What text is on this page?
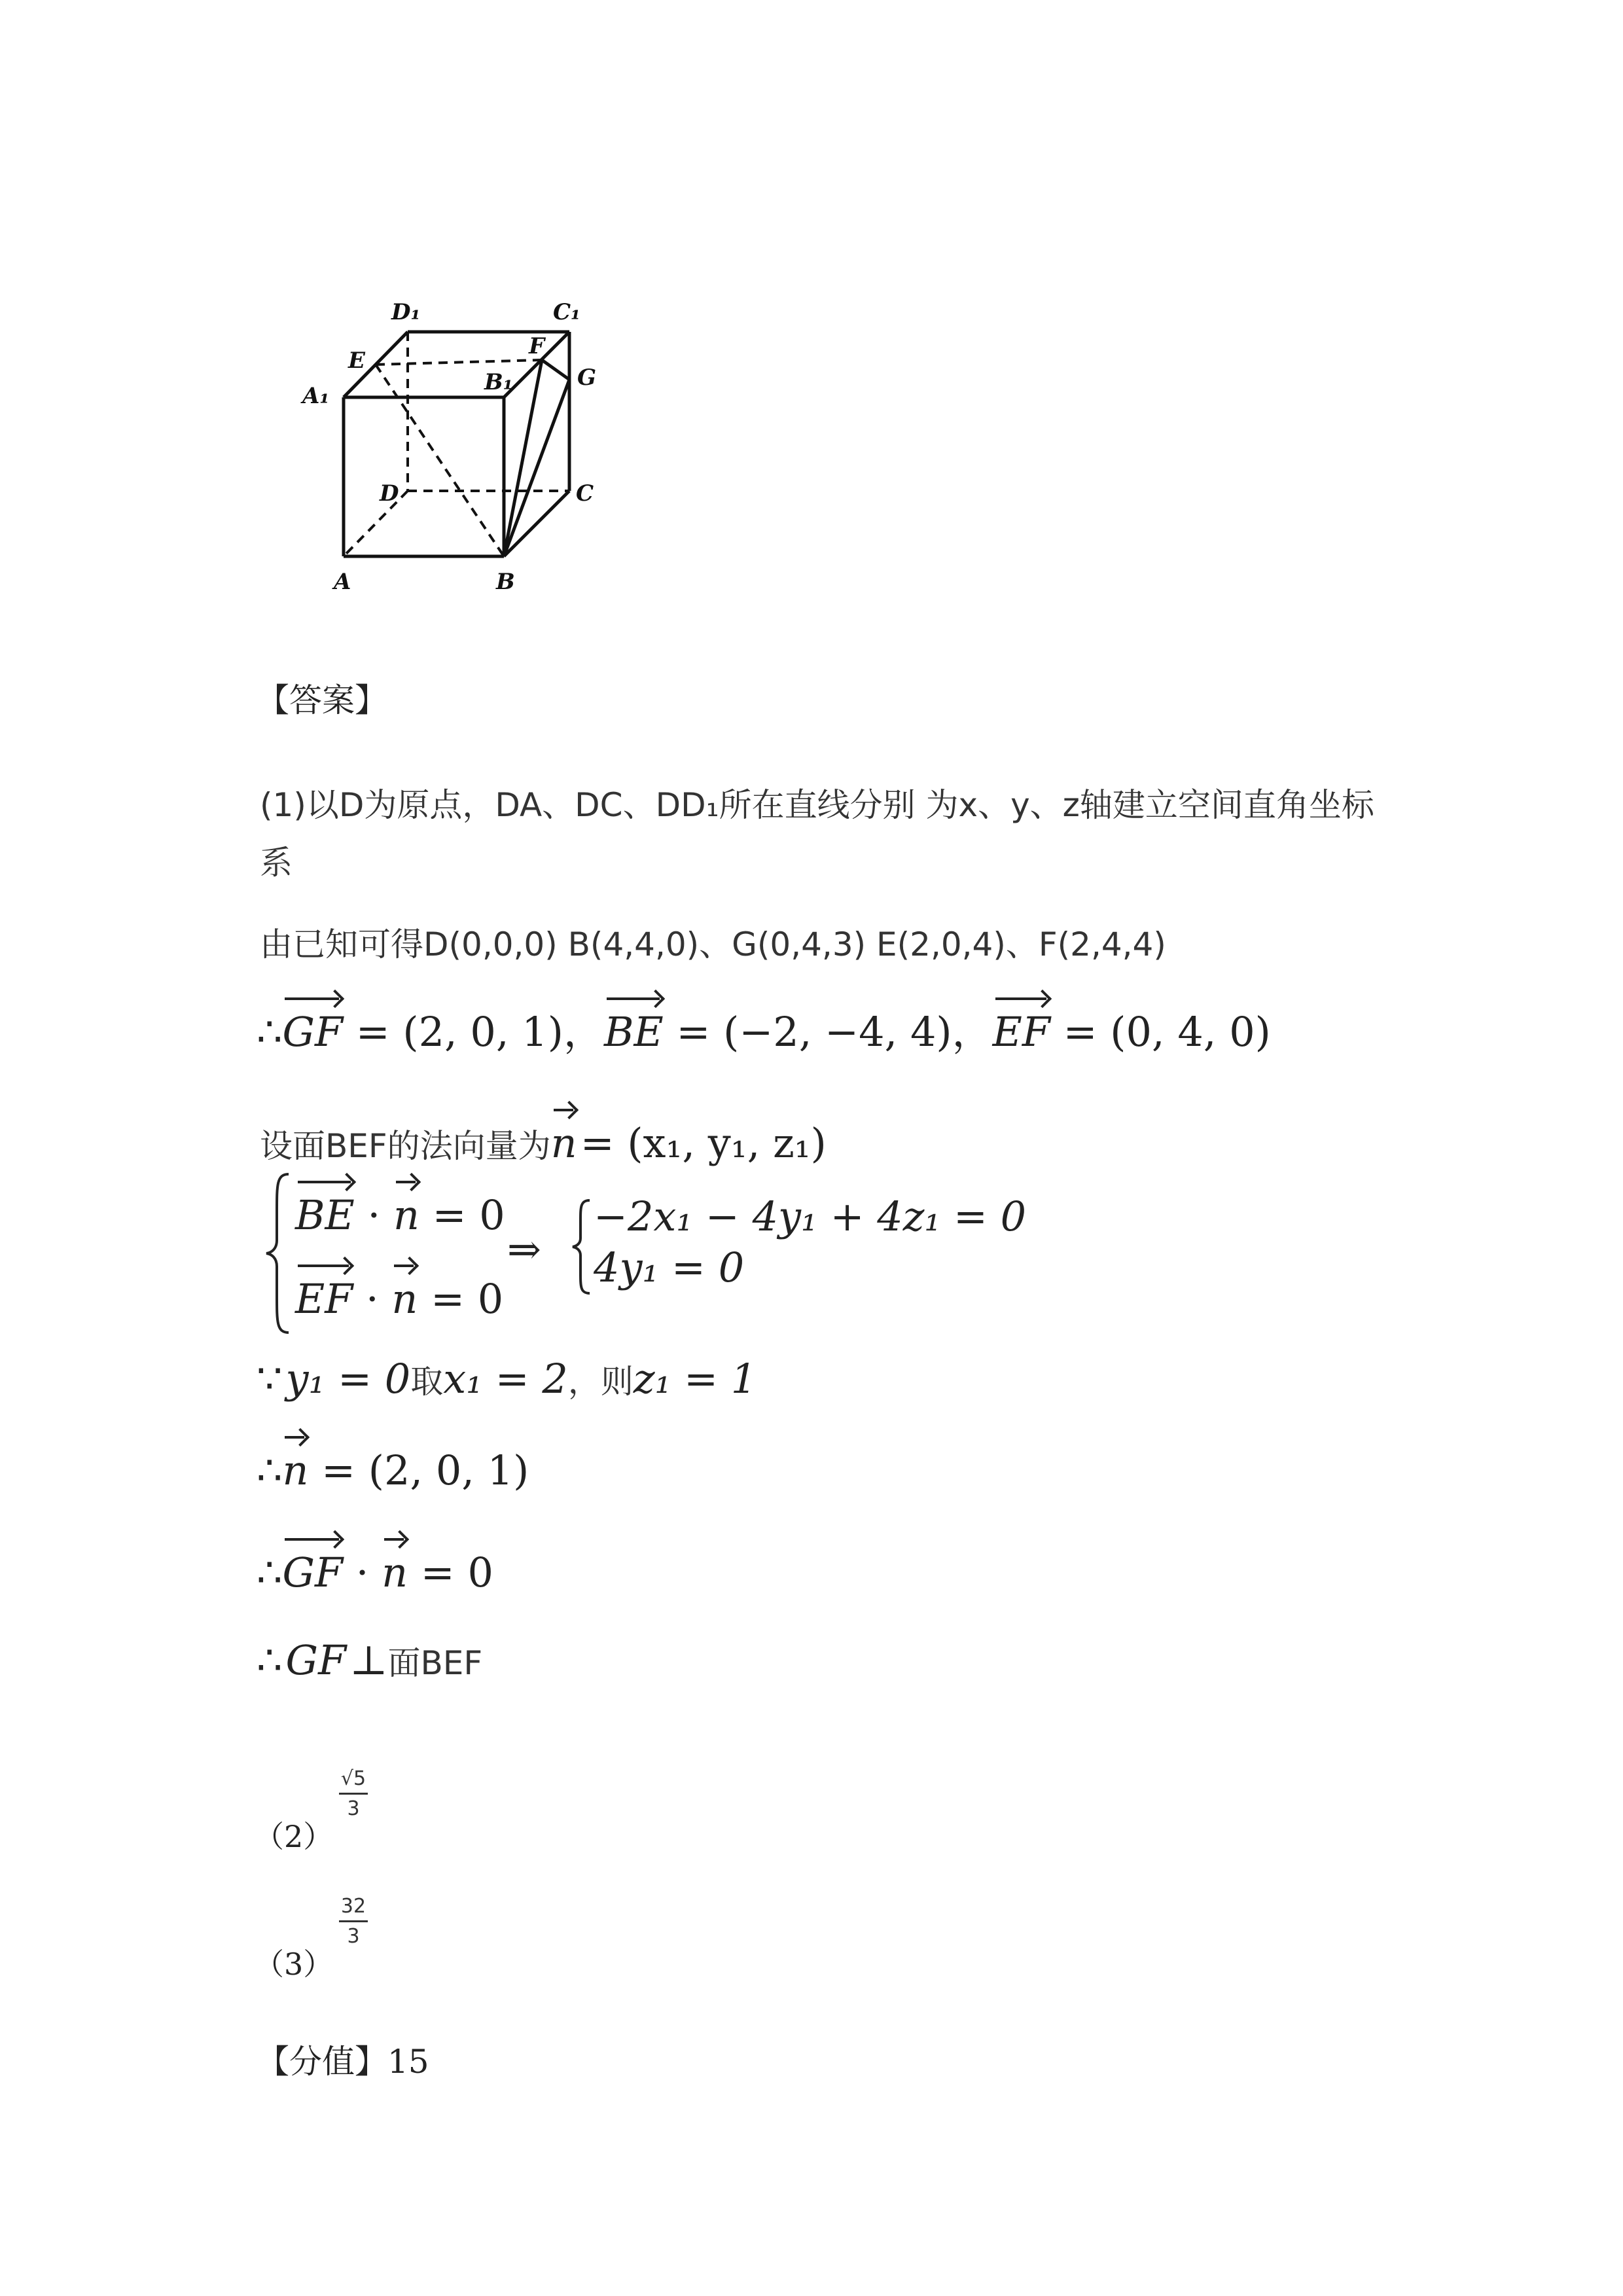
D₁	C₁
E
F
B₁	G
A₁
D	C
A	B
【答案】
(1)以D为原点，DA、DC、DD₁所在直线分别 为x、y、z轴建立空间直角坐标
系
由已知可得D(0,0,0) B(4,4,0)、G(0,4,3) E(2,0,4)、F(2,4,4)
∴GF = (2, 0, 1)，BE = (−2, −4, 4)，EF = (0, 4, 0)
设面BEF的法向量为n = (x₁, y₁, z₁)
BE · n = 0
EF · n = 0
⇒
−2x₁ − 4y₁ + 4z₁ = 0
4y₁ = 0
∵ y₁ = 0取x₁ = 2，则z₁ = 1
∴n = (2, 0, 1)
∴GF · n = 0
∴ GF ⊥面BEF
（2）
√5
3
（3）
32
3
【分值】15
